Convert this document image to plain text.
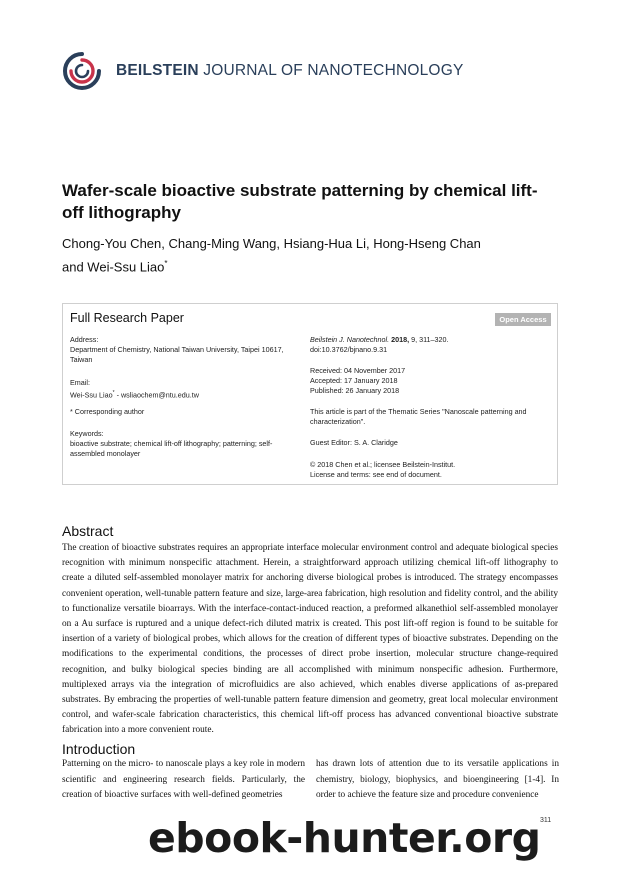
BEILSTEIN JOURNAL OF NANOTECHNOLOGY
Wafer-scale bioactive substrate patterning by chemical lift-off lithography
Chong-You Chen, Chang-Ming Wang, Hsiang-Hua Li, Hong-Hseng Chan
and Wei-Ssu Liao*
Full Research Paper	Open Access
Address:
Department of Chemistry, National Taiwan University, Taipei 10617, Taiwan
Email:
Wei-Ssu Liao* - wsliaochem@ntu.edu.tw
* Corresponding author
Keywords:
bioactive substrate; chemical lift-off lithography; patterning; self-assembled monolayer
Beilstein J. Nanotechnol. 2018, 9, 311–320.
doi:10.3762/bjnano.9.31
Received: 04 November 2017
Accepted: 17 January 2018
Published: 26 January 2018
This article is part of the Thematic Series "Nanoscale patterning and characterization".
Guest Editor: S. A. Claridge
© 2018 Chen et al.; licensee Beilstein-Institut.
License and terms: see end of document.
Abstract
The creation of bioactive substrates requires an appropriate interface molecular environment control and adequate biological species recognition with minimum nonspecific attachment. Herein, a straightforward approach utilizing chemical lift-off lithography to create a diluted self-assembled monolayer matrix for anchoring diverse biological probes is introduced. The strategy encompasses convenient operation, well-tunable pattern feature and size, large-area fabrication, high resolution and fidelity control, and the ability to functionalize versatile bioarrays. With the interface-contact-induced reaction, a preformed alkanethiol self-assembled monolayer on a Au surface is ruptured and a unique defect-rich diluted matrix is created. This post lift-off region is found to be suitable for insertion of a variety of biological probes, which allows for the creation of different types of bioactive substrates. Depending on the modifications to the experimental conditions, the processes of direct probe insertion, molecular structure change-required recognition, and bulky biological species binding are all accomplished with minimum nonspecific adhesion. Furthermore, multiplexed arrays via the integration of microfluidics are also achieved, which enables diverse applications of as-prepared substrates. By embracing the properties of well-tunable pattern feature dimension and geometry, great local molecular environment control, and wafer-scale fabrication characteristics, this chemical lift-off process has advanced conventional bioactive substrate fabrication into a more convenient route.
Introduction
Patterning on the micro- to nanoscale plays a key role in modern scientific and engineering research fields. Particularly, the creation of bioactive surfaces with well-defined geometries
has drawn lots of attention due to its versatile applications in chemistry, biology, biophysics, and bioengineering [1-4]. In order to achieve the feature size and procedure convenience
311
ebook-hunter.org
